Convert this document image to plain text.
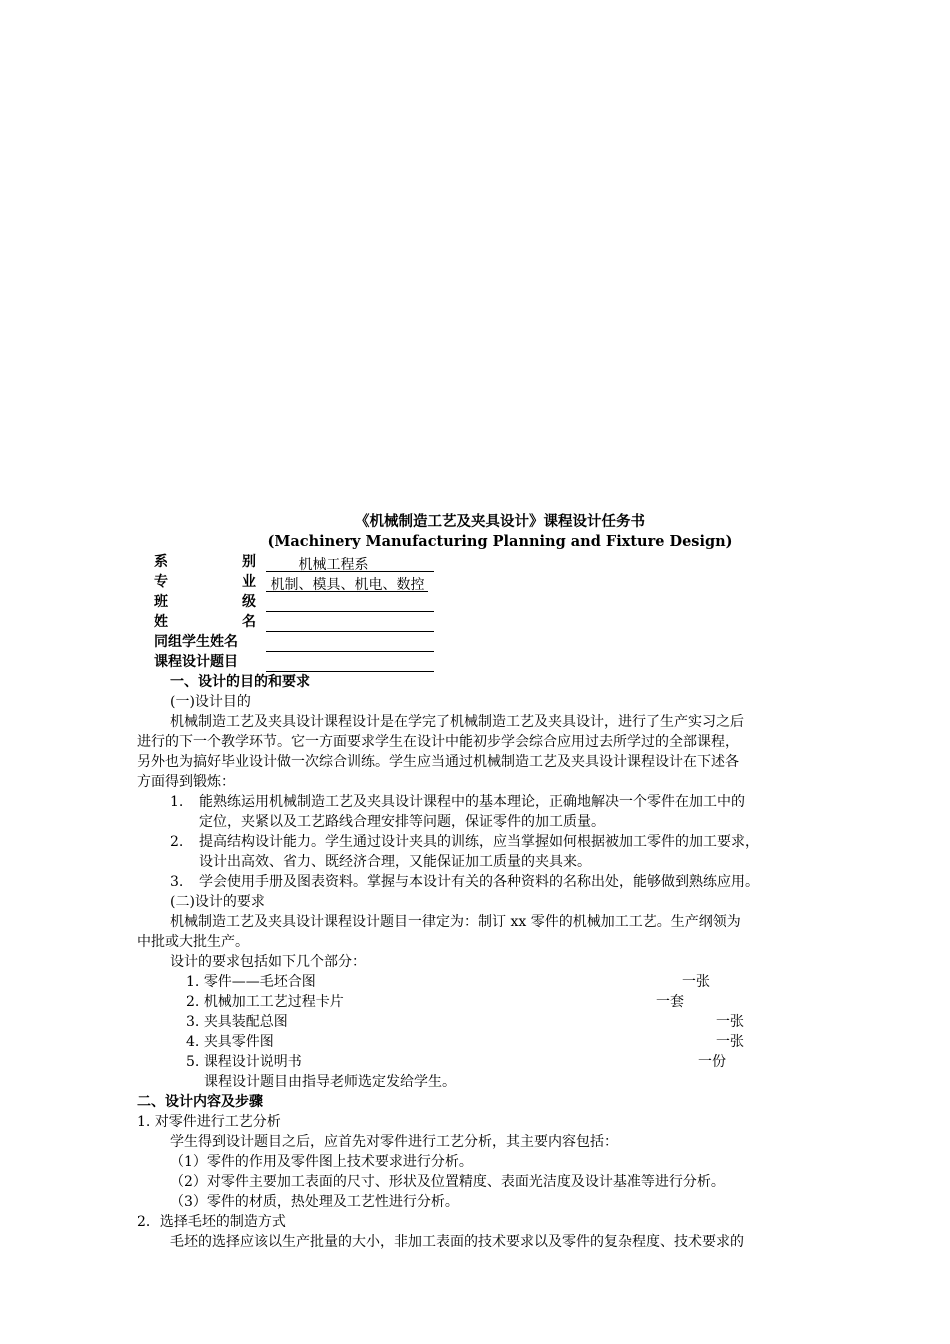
《机械制造工艺及夹具设计》课程设计任务书
(Machinery Manufacturing Planning and Fixture Design)
系	别	机械工程系
专	业 机制、模具、机电、数控
班	级

姓	名

同组学生姓名
课程设计题目
一、设计的目的和要求
(一)设计目的
机械制造工艺及夹具设计课程设计是在学完了机械制造工艺及夹具设计，进行了生产实习之后
进行的下一个教学环节。它一方面要求学生在设计中能初步学会综合应用过去所学过的全部课程，
另外也为搞好毕业设计做一次综合训练。学生应当通过机械制造工艺及夹具设计课程设计在下述各
方面得到锻炼：
1. 能熟练运用机械制造工艺及夹具设计课程中的基本理论，正确地解决一个零件在加工中的
定位，夹紧以及工艺路线合理安排等问题，保证零件的加工质量。
2. 提高结构设计能力。学生通过设计夹具的训练，应当掌握如何根据被加工零件的加工要求，
设计出高效、省力、既经济合理，又能保证加工质量的夹具来。
3. 学会使用手册及图表资料。掌握与本设计有关的各种资料的名称出处，能够做到熟练应用。
(二)设计的要求
机械制造工艺及夹具设计课程设计题目一律定为：制订 xx 零件的机械加工工艺。生产纲领为
中批或大批生产。
设计的要求包括如下几个部分：
1. 零件——毛坯合图	一张
2. 机械加工工艺过程卡片	一套
3. 夹具装配总图	一张
4. 夹具零件图	一张
5. 课程设计说明书	一份
课程设计题目由指导老师选定发给学生。
二、设计内容及步骤
1. 对零件进行工艺分析
学生得到设计题目之后，应首先对零件进行工艺分析，其主要内容包括：
（1）零件的作用及零件图上技术要求进行分析。
（2）对零件主要加工表面的尺寸、形状及位置精度、表面光洁度及设计基准等进行分析。
（3）零件的材质，热处理及工艺性进行分析。
2．选择毛坯的制造方式
毛坯的选择应该以生产批量的大小，非加工表面的技术要求以及零件的复杂程度、技术要求的
